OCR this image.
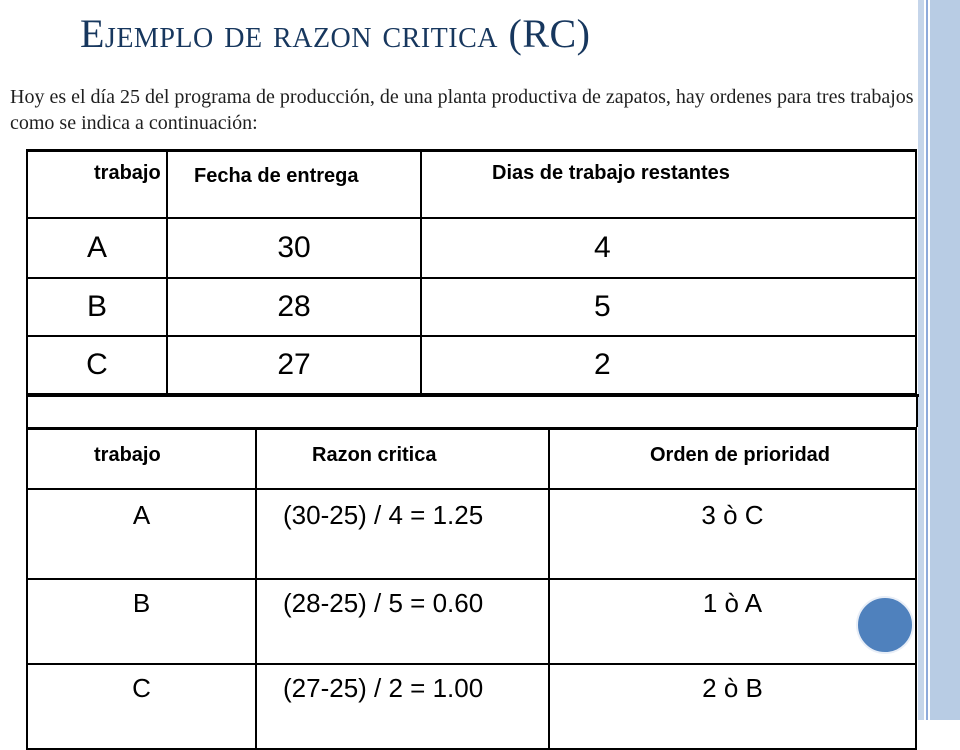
Ejemplo de razon critica (RC)

Hoy es el día 25 del programa de producción, de una planta productiva de zapatos, hay ordenes para tres trabajos como se indica a continuación:

trabajo	Fecha de entrega	Dias de trabajo restantes
A	30	4
B	28	5
C	27	2
trabajo	Razon critica	Orden de prioridad
A	(30-25) / 4 = 1.25	3 ò C
B	(28-25) / 5 = 0.60	1 ò A
C	(27-25) / 2 = 1.00	2 ò B
